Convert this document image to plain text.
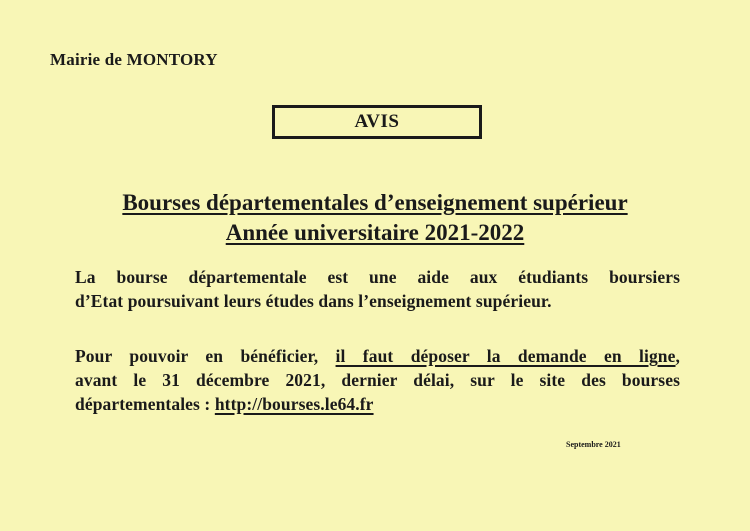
Mairie de MONTORY
AVIS
Bourses départementales d’enseignement supérieur
Année universitaire 2021-2022
La bourse départementale est une aide aux étudiants boursiers
d’Etat poursuivant leurs études dans l’enseignement supérieur.
Pour pouvoir en bénéficier, il faut déposer la demande en ligne,
avant le 31 décembre 2021, dernier délai, sur le site des bourses
départementales : http://bourses.le64.fr
Septembre 2021
